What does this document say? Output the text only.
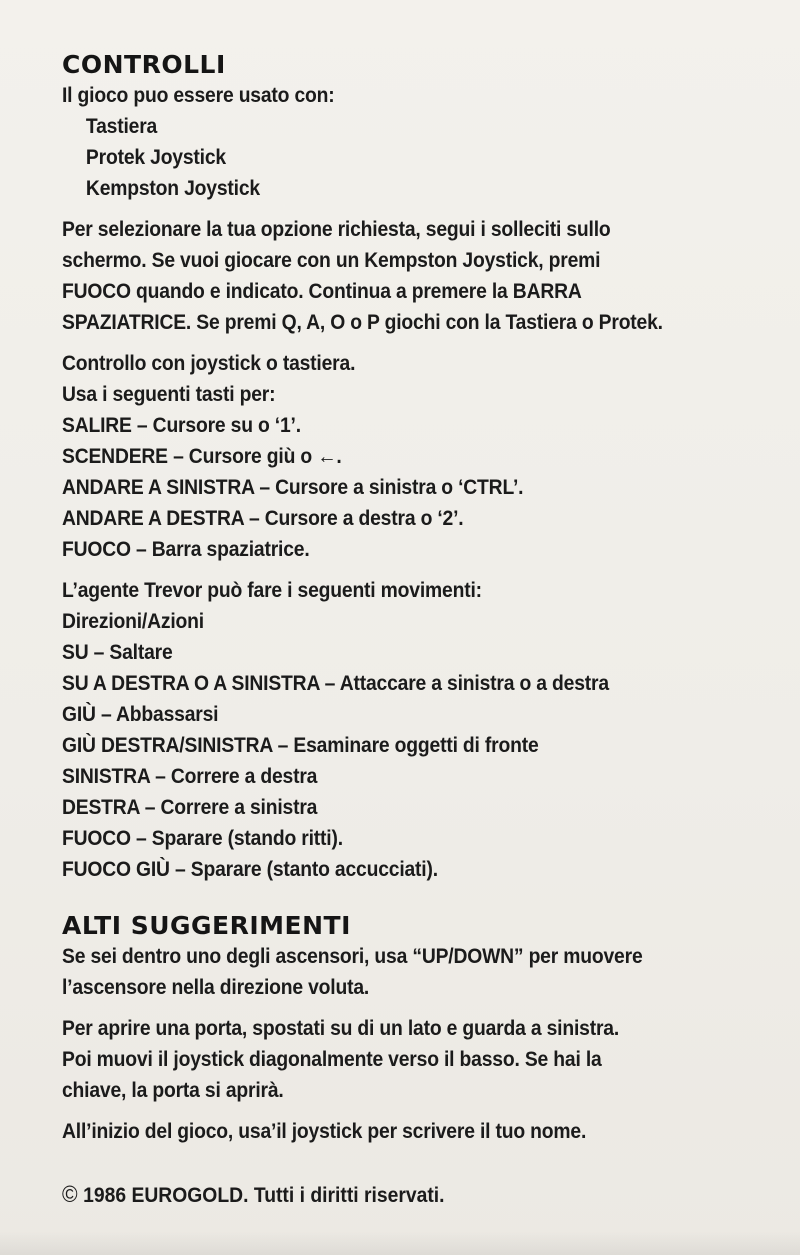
CONTROLLI
Il gioco puo essere usato con:
Tastiera
Protek Joystick
Kempston Joystick
Per selezionare la tua opzione richiesta, segui i solleciti sullo
schermo. Se vuoi giocare con un Kempston Joystick, premi
FUOCO quando e indicato. Continua a premere la BARRA
SPAZIATRICE. Se premi Q, A, O o P giochi con la Tastiera o Protek.
Controllo con joystick o tastiera.
Usa i seguenti tasti per:
SALIRE – Cursore su o ‘1’.
SCENDERE – Cursore giù o ←.
ANDARE A SINISTRA – Cursore a sinistra o ‘CTRL’.
ANDARE A DESTRA – Cursore a destra o ‘2’.
FUOCO – Barra spaziatrice.
L’agente Trevor può fare i seguenti movimenti:
Direzioni/Azioni
SU – Saltare
SU A DESTRA O A SINISTRA – Attaccare a sinistra o a destra
GIÙ – Abbassarsi
GIÙ DESTRA/SINISTRA – Esaminare oggetti di fronte
SINISTRA – Correre a destra
DESTRA – Correre a sinistra
FUOCO – Sparare (stando ritti).
FUOCO GIÙ – Sparare (stanto accucciati).
ALTI SUGGERIMENTI
Se sei dentro uno degli ascensori, usa “UP/DOWN” per muovere
l’ascensore nella direzione voluta.
Per aprire una porta, spostati su di un lato e guarda a sinistra.
Poi muovi il joystick diagonalmente verso il basso. Se hai la
chiave, la porta si aprirà.
All’inizio del gioco, usa’il joystick per scrivere il tuo nome.
© 1986 EUROGOLD. Tutti i diritti riservati.
